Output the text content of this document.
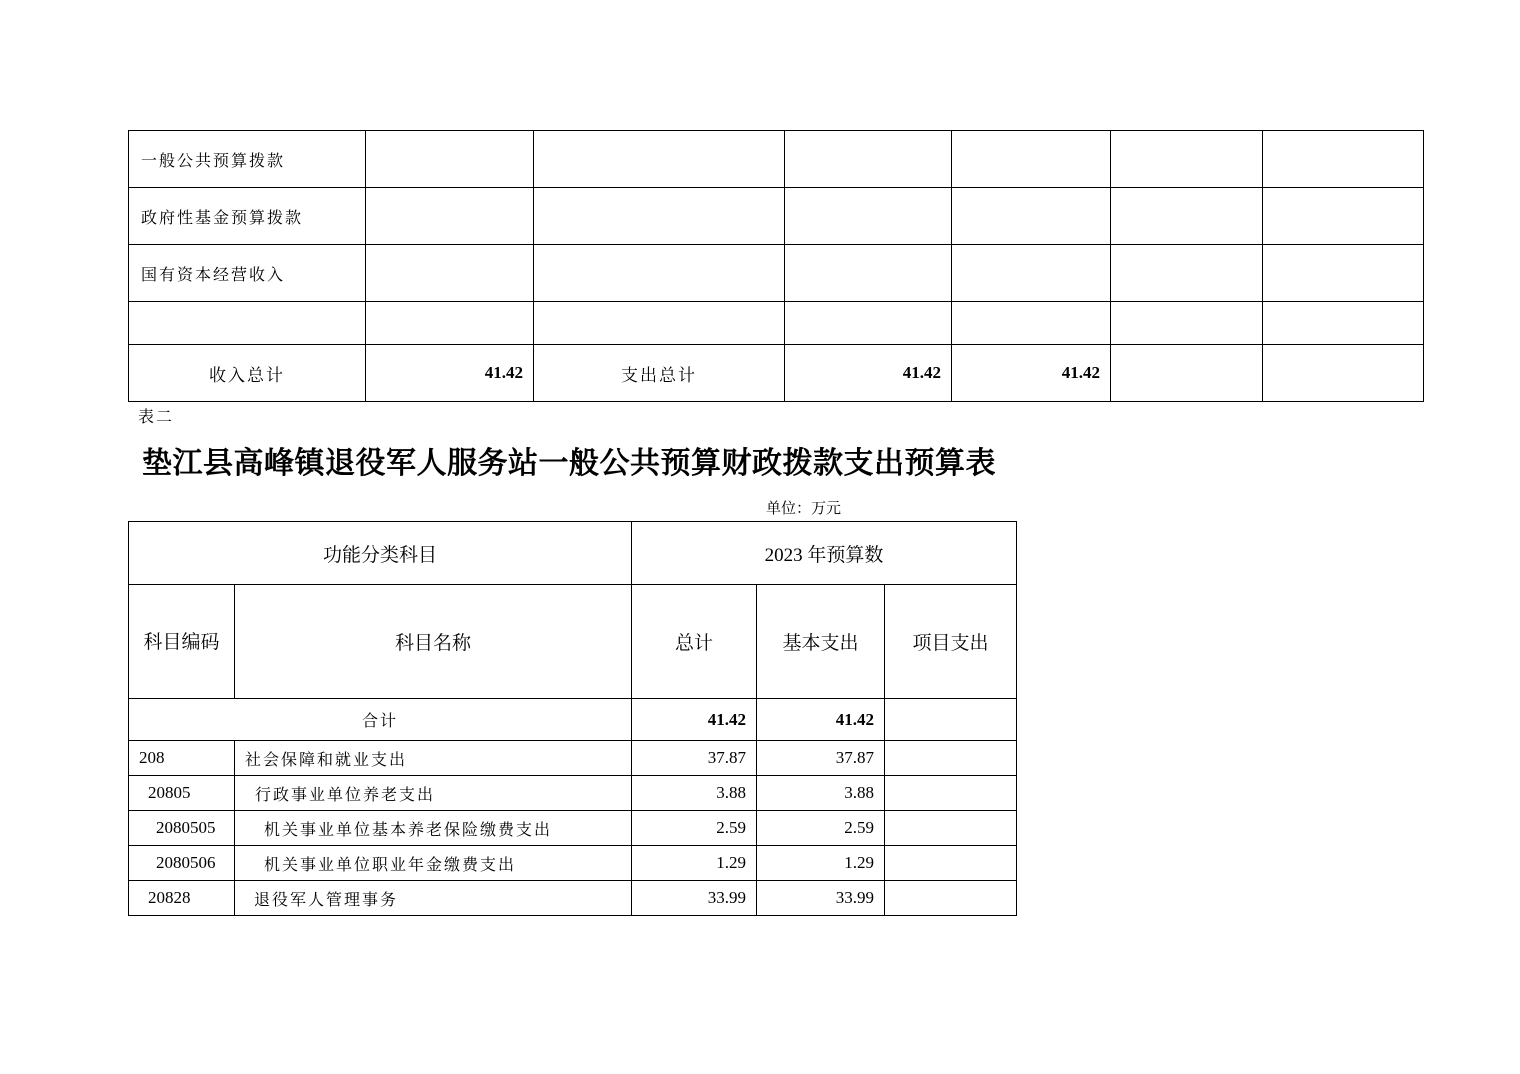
一般公共预算拨款						
政府性基金预算拨款						
国有资本经营收入						

收入总计	41.42	支出总计	41.42	41.42		
表二
垫江县高峰镇退役军人服务站一般公共预算财政拨款支出预算表
单位：万元
功能分类科目		2023 年预算数		
科目编码	科目名称	总计	基本支出	项目支出
合计		41.42	41.42	
208	社会保障和就业支出	37.87	37.87	
20805	行政事业单位养老支出	3.88	3.88	
2080505	机关事业单位基本养老保险缴费支出	2.59	2.59	
2080506	机关事业单位职业年金缴费支出	1.29	1.29	
20828	退役军人管理事务	33.99	33.99	
